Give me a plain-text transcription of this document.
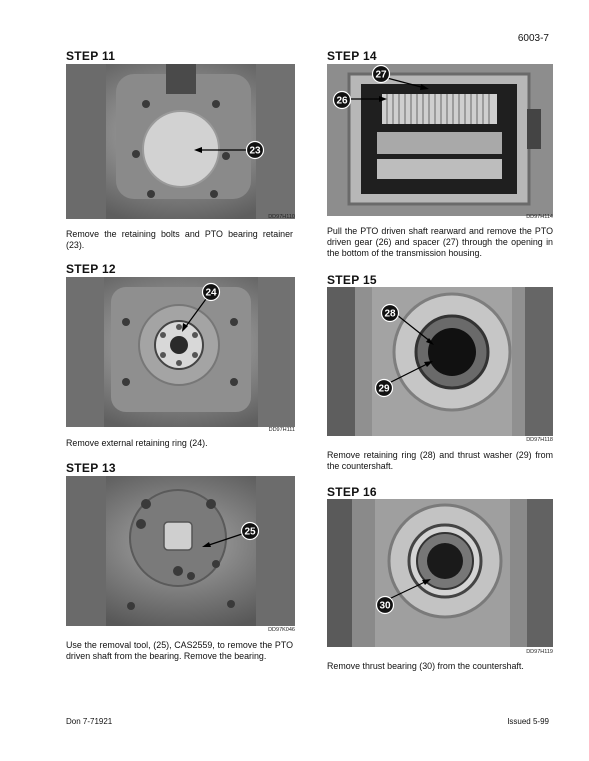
6003-7
STEP 11
23
DD97H110
Remove the retaining bolts and PTO bearing retainer (23).
STEP 12
24
DD97H111
Remove external retaining ring (24).
STEP 13
25
DD97K046
Use the removal tool, (25), CAS2559, to remove the PTO driven shaft from the bearing. Remove the bearing.
STEP 14
27
26
DD97H114
Pull the PTO driven shaft rearward and remove the PTO driven gear (26) and spacer (27) through the opening in the bottom of the transmission housing.
STEP 15
28
29
DD97H118
Remove retaining ring (28) and thrust washer (29) from the countershaft.
STEP 16
30
DD97H119
Remove thrust bearing (30) from the countershaft.
Don 7-71921	Issued 5-99
